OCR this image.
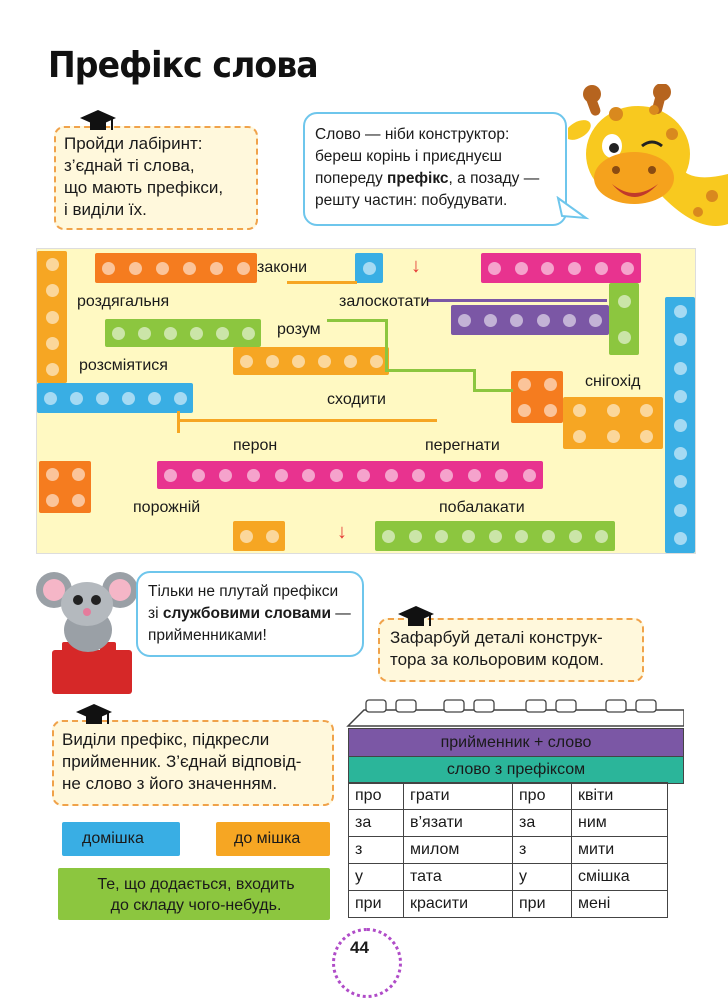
Префікс слова
Пройди лабіринт:
з’єднай ті слова,
що мають префікси,
і виділи їх.
Слово — ніби конструктор:
береш корінь і приєднуєш
попереду префікс, а позаду —
решту частин: побудувати.
↓
↓
закони
роздягальня	залоскотати
розум
розсміятися
снігохід
сходити
перон	перегнати
порожній	побалакати
Тільки не плутай префікси
зі службовими словами —
прийменниками!	Зафарбуй деталі конструк-
тора за кольоровим кодом.
Виділи префікс, підкресли
прийменник. З’єднай відповід-
не слово з його значенням.
домішка	до мішка
Те, що додається, входить
до складу чого-небудь.
прийменник + слово
слово з префіксом
про	грати	про	квіти
за	в’язати	за	ним
з	милом	з	мити
у	тата	у	смішка
при	красити	при	мені
44
